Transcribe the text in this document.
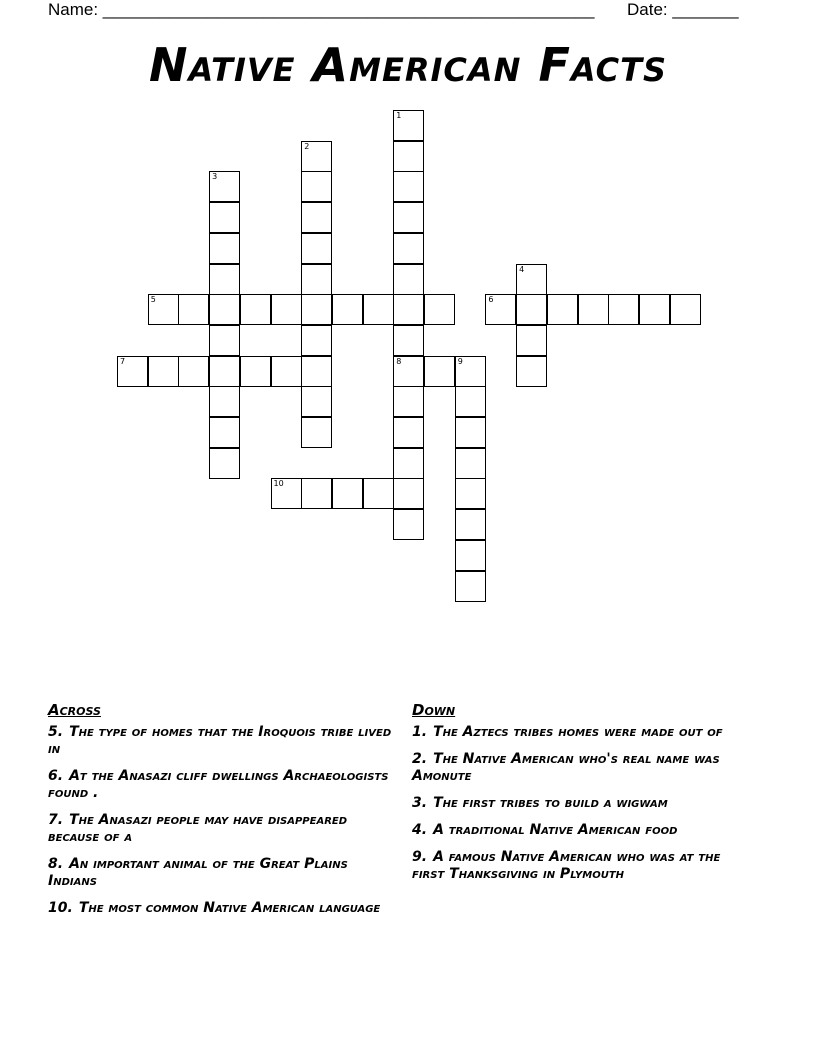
Name: ____________________________________________________ Date: _______
Native American Facts
1
8
2
3
4
5	6
7	9
10
Across
5. The type of homes that the Iroquois tribe lived in
6. At the Anasazi cliff dwellings Archaeologists found .
7. The Anasazi people may have disappeared because of a
8. An important animal of the Great Plains Indians
10. The most common Native American language
Down
1. The Aztecs tribes homes were made out of
2. The Native American who's real name was Amonute
3. The first tribes to build a wigwam
4. A traditional Native American food
9. A famous Native American who was at the first Thanksgiving in Plymouth
